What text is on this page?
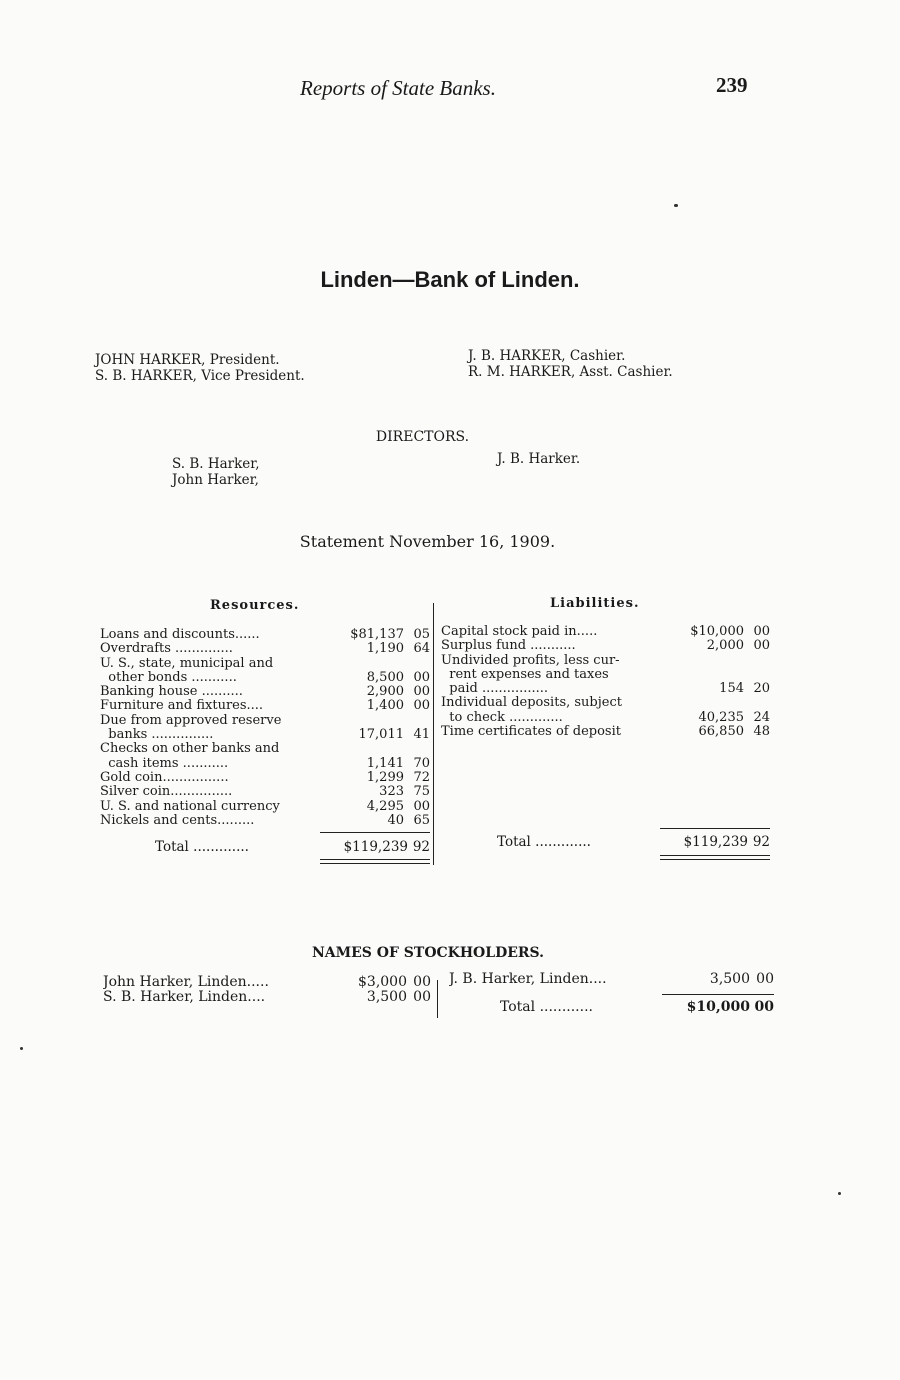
Reports of State Banks.	239
Linden—Bank of Linden.
JOHN HARKER, President.
S. B. HARKER, Vice President.
J. B. HARKER, Cashier.
R. M. HARKER, Asst. Cashier.
DIRECTORS.
S. B. Harker,
John Harker,
J. B. Harker.
Statement November 16, 1909.
Resources.	Liabilities.
Loans and discounts......	$81,137 05
Overdrafts ..............	1,190 64
U. S., state, municipal and
other bonds ...........	8,500 00
Banking house ..........	2,900 00
Furniture and fixtures....	1,400 00
Due from approved reserve
banks ...............	17,011 41
Checks on other banks and
cash items ...........	1,141 70
Gold coin................	1,299 72
Silver coin...............	323 75
U. S. and national currency	4,295 00
Nickels and cents.........	40 65
Capital stock paid in.....	$10,000 00
Surplus fund ...........	2,000 00
Undivided profits, less cur-
rent expenses and taxes
paid ................	154 20
Individual deposits, subject
to check .............	40,235 24
Time certificates of deposit	66,850 48
Total .............	$119,239 92	Total .............	$119,239 92
NAMES OF STOCKHOLDERS.
John Harker, Linden.....	$3,000 00
S. B. Harker, Linden....	3,500 00
J. B. Harker, Linden....	3,500 00
Total ............	$10,000 00
